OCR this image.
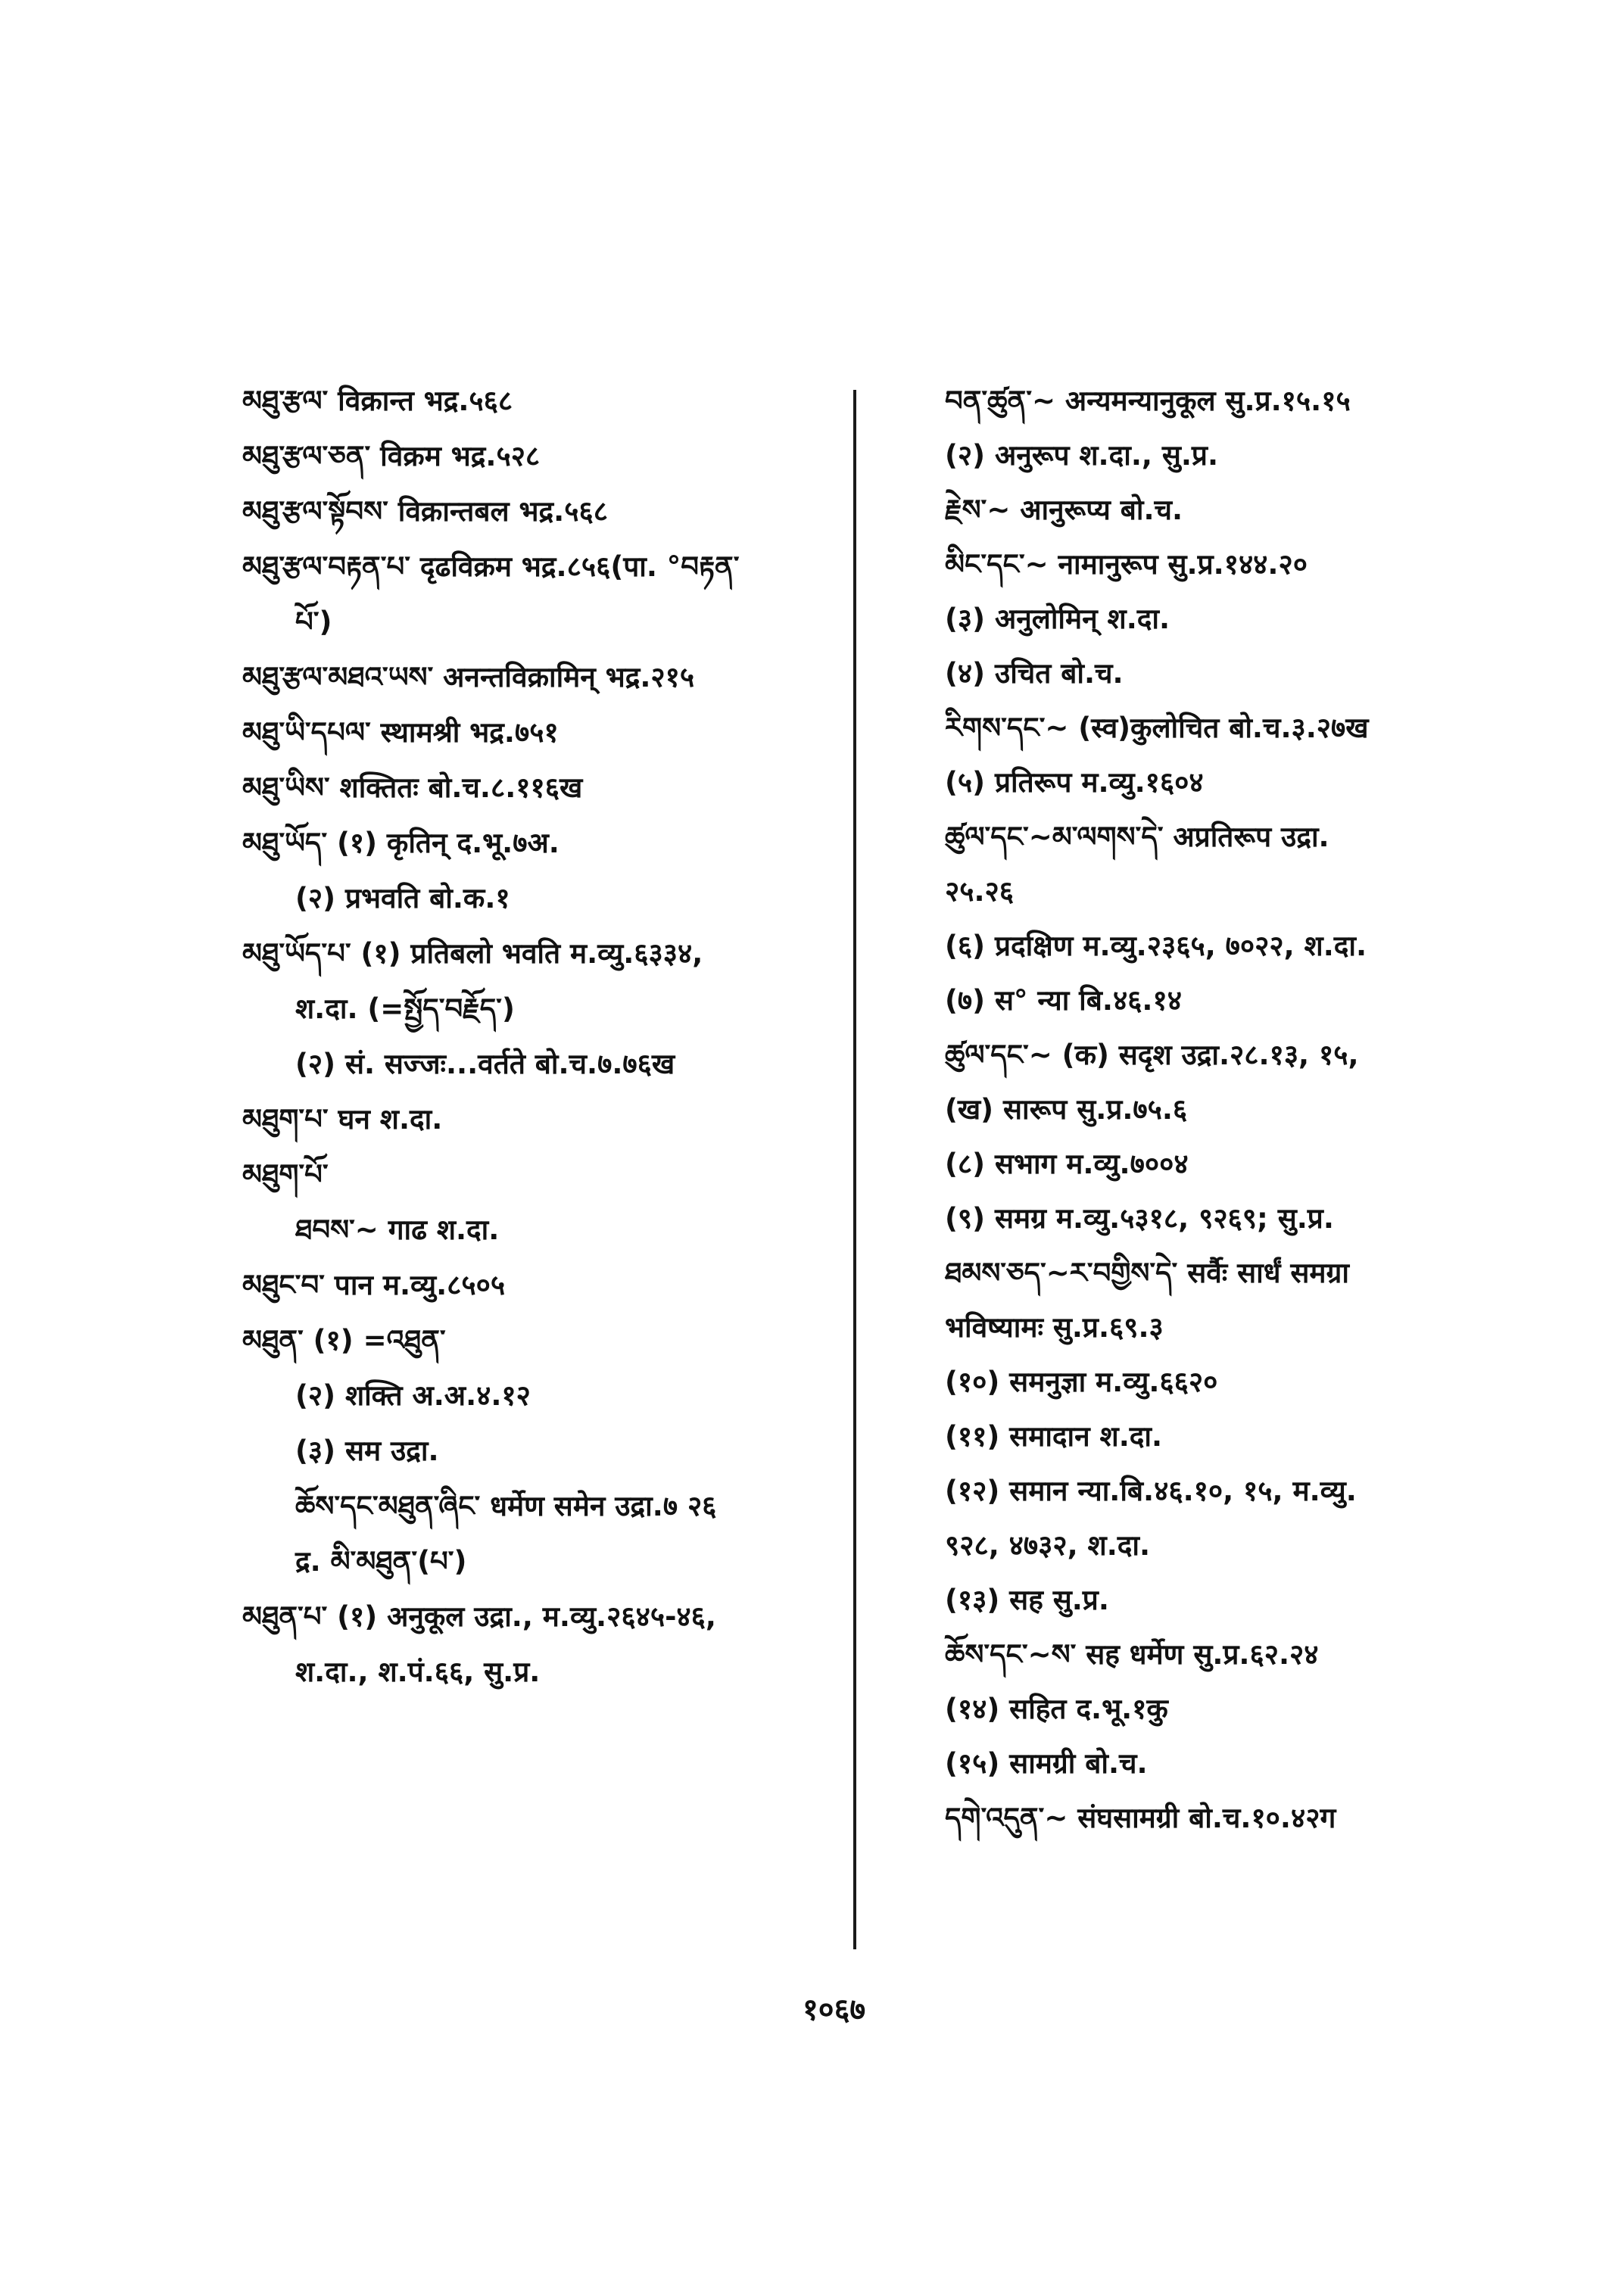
མཐུ་རྩལ་ विक्रान्त भद्र.५६८
མཐུ་རྩལ་ཅན་ विक्रम भद्र.५२८
མཐུ་རྩལ་སྟོབས་ विक्रान्तबल भद्र.५६८
མཐུ་རྩལ་བརྟན་པ་ दृढविक्रम भद्र.८५६(पा. °བརྟན་
པོ་)
མཐུ་རྩལ་མཐའ་ཡས་ अनन्तविक्रामिन् भद्र.२१५
མཐུ་ཡི་དཔལ་ स्थामश्री भद्र.७५१
མཐུ་ཡིས་ शक्तितः बो.च.८.११६ख
མཐུ་ཡོད་ (१) कृतिन् द.भू.७अ.
(२) प्रभवति बो.क.१
མཐུ་ཡོད་པ་ (१) प्रतिबलो भवति म.व्यु.६३३४,
श.दा. (=སྤྱོད་བརྗོད་)
(२) सं. सज्जः...वर्तते बो.च.७.७६ख
མཐུག་པ་ घन श.दा.
མཐུག་པོ་
ཐབས་~ गाढ श.दा.
མཐུང་བ་ पान म.व्यु.८५०५
མཐུན་ (१) =འཐུན་
(२) शक्ति अ.अ.४.१२
(३) सम उद्रा.
ཆོས་དང་མཐུན་ཞིང་ धर्मेण समेन उद्रा.७ २६
द्र. མི་མཐུན་(པ་)
མཐུན་པ་ (१) अनुकूल उद्रा., म.व्यु.२६४५-४६,
श.दा., श.पं.६६, सु.प्र.
བན་ཚུན་~ अन्यमन्यानुकूल सु.प्र.१५.१५
(२) अनुरूप श.दा., सु.प्र.
རྗེས་~ आनुरूप्य बो.च.
མིང་དང་~ नामानुरूप सु.प्र.१४४.२०
(३) अनुलोमिन् श.दा.
(४) उचित बो.च.
རིགས་དང་~ (स्व)कुलोचित बो.च.३.२७ख
(५) प्रतिरूप म.व्यु.१६०४
ཚུལ་དང་~མ་ལགས་དེ་ अप्रतिरूप उद्रा.
२५.२६
(६) प्रदक्षिण म.व्यु.२३६५, ७०२२, श.दा.
(७) स° न्या बि.४६.१४
ཚུལ་དང་~ (क) सदृश उद्रा.२८.१३, १५,
(ख) सारूप सु.प्र.७५.६
(८) सभाग म.व्यु.७००४
(९) समग्र म.व्यु.५३१८, ९२६९; सु.प्र.
ཐམས་ཅད་~ར་བགྱིས་དེ་ सर्वैः सार्धं समग्रा
भविष्यामः सु.प्र.६९.३
(१०) समनुज्ञा म.व्यु.६६२०
(११) समादान श.दा.
(१२) समान न्या.बि.४६.१०, १५, म.व्यु.
९२८, ४७३२, श.दा.
(१३) सह सु.प्र.
ཆོས་དང་~ས་ सह धर्मेण सु.प्र.६२.२४
(१४) सहित द.भू.१कु
(१५) सामग्री बो.च.
དགེ་འདུན་~ संघसामग्री बो.च.१०.४२ग
१०६७
